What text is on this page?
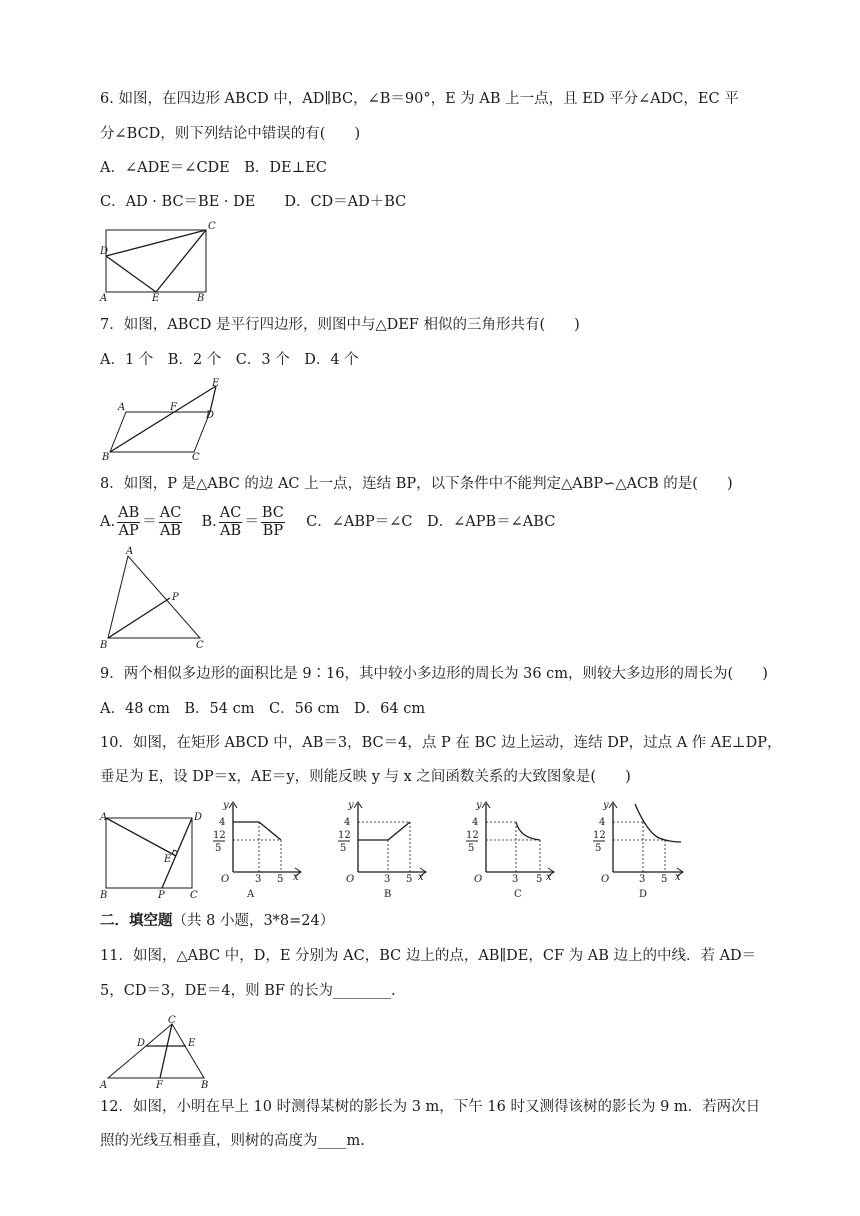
6. 如图，在四边形 ABCD 中，AD∥BC，∠B＝90°，E 为 AB 上一点，且 ED 平分∠ADC，EC 平
分∠BCD，则下列结论中错误的有(　　)
A．∠ADE＝∠CDE　B．DE⊥EC
C．AD · BC＝BE · DE　　D．CD＝AD＋BC
D
C
A	E	B
7．如图，ABCD 是平行四边形，则图中与△DEF 相似的三角形共有(　　)
A．1 个　B．2 个　C．3 个　D．4 个
A	F
D
E
B	C
8．如图，P 是△ABC 的边 AC 上一点，连结 BP，以下条件中不能判定△ABP∽△ACB 的是(　　)
A. $\frac{AB}{AP} = \frac{AC}{AB} B$. $\frac{AC}{AB} = \frac{BC}{BP}$ C．∠ABP＝∠C　D．∠APB＝∠ABC
A
P
B	C
9．两个相似多边形的面积比是 9∶16，其中较小多边形的周长为 36 cm，则较大多边形的周长为(　　)
A．48 cm　B．54 cm　C．56 cm　D．64 cm
10．如图，在矩形 ABCD 中，AB＝3，BC＝4，点 P 在 BC 边上运动，连结 DP，过点 A 作 AE⊥DP，
垂足为 E，设 DP＝x，AE＝y，则能反映 y 与 x 之间函数关系的大致图象是(　　)
A	D
E
B	P	C
y
4
12
5
O	3 5 x
A
y
4
12
5
O	3 5 x
B
y
4
12
5
O	3 5 x
C
y
4
12
5
O	3 5 x
D
二．填空题（共 8 小题，3*8=24）
11．如图，△ABC 中，D，E 分别为 AC，BC 边上的点，AB∥DE，CF 为 AB 边上的中线．若 AD＝
5，CD＝3，DE＝4，则 BF 的长为________.
C
D	E
A	F	B
12．如图，小明在早上 10 时测得某树的影长为 3 m，下午 16 时又测得该树的影长为 9 m．若两次日
照的光线互相垂直，则树的高度为____m.
